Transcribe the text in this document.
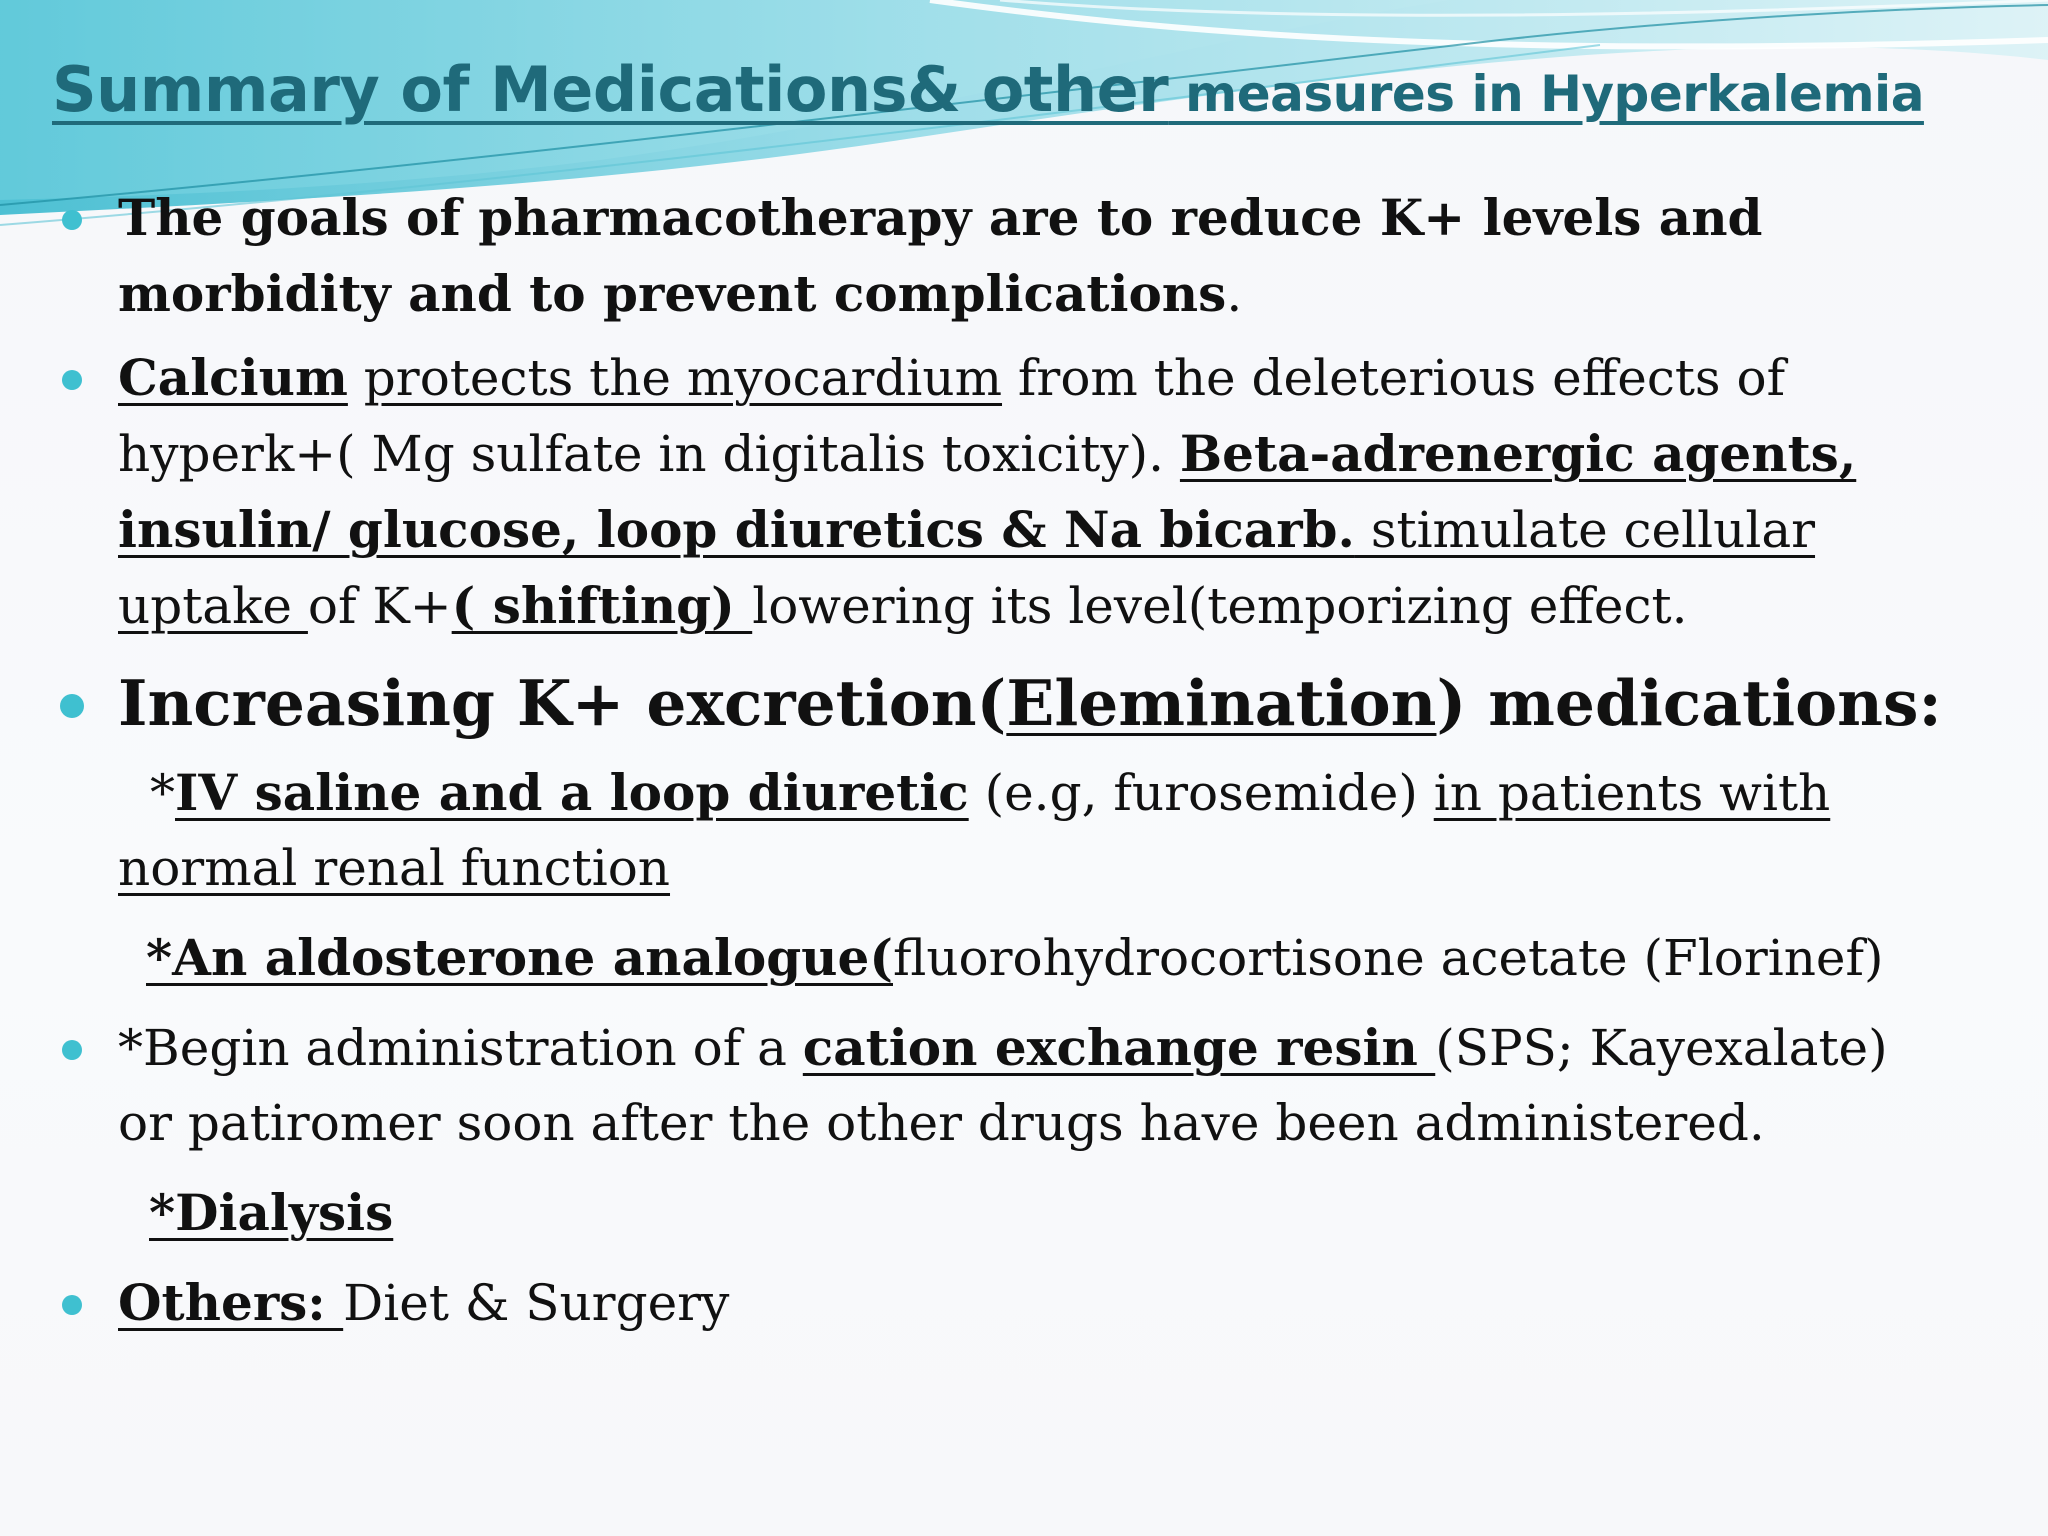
Summary of Medications& other measures in Hyperkalemia

The goals of pharmacotherapy are to reduce K+ levels and
morbidity and to prevent complications.

Calcium protects the myocardium from the deleterious effects of
hyperk+( Mg sulfate in digitalis toxicity). Beta-adrenergic agents,
insulin/ glucose, loop diuretics & Na bicarb. stimulate cellular
uptake of K+( shifting) lowering its level(temporizing effect.

Increasing K+ excretion(Elemination) medications:

*IV saline and a loop diuretic (e.g, furosemide) in patients with
normal renal function

*An aldosterone analogue(fluorohydrocortisone acetate (Florinef)

*Begin administration of a cation exchange resin (SPS; Kayexalate)
or patiromer soon after the other drugs have been administered.

*Dialysis

Others: Diet & Surgery
